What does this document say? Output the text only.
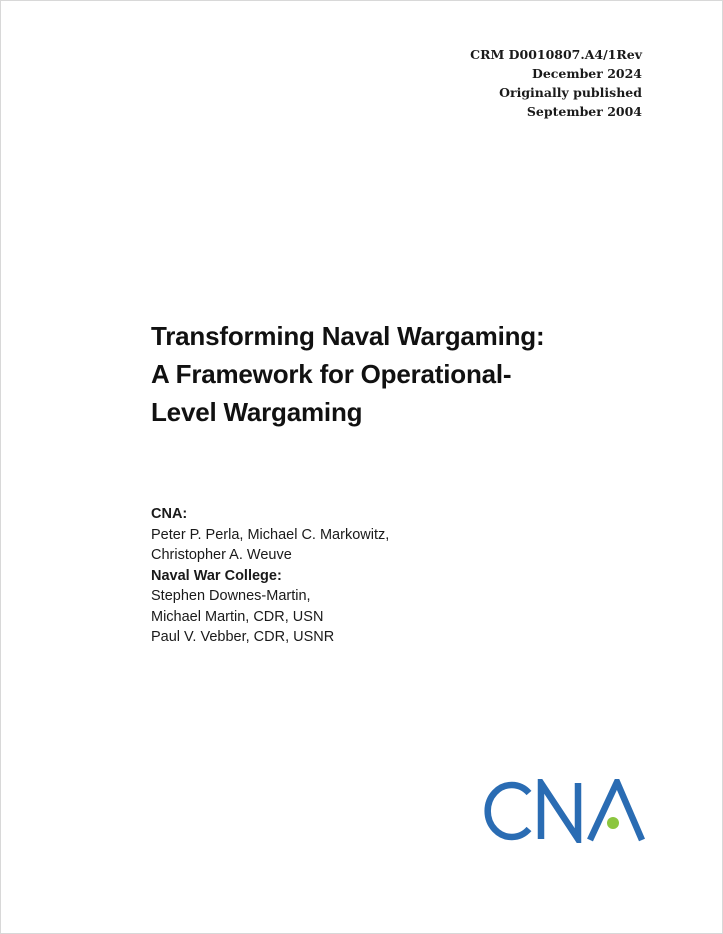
CRM D0010807.A4/1Rev
December 2024
Originally published
September 2004
Transforming Naval Wargaming:
A Framework for Operational-
Level Wargaming
CNA:
Peter P. Perla, Michael C. Markowitz,
Christopher A. Weuve
Naval War College:
Stephen Downes-Martin,
Michael Martin, CDR, USN
Paul V. Vebber, CDR, USNR
